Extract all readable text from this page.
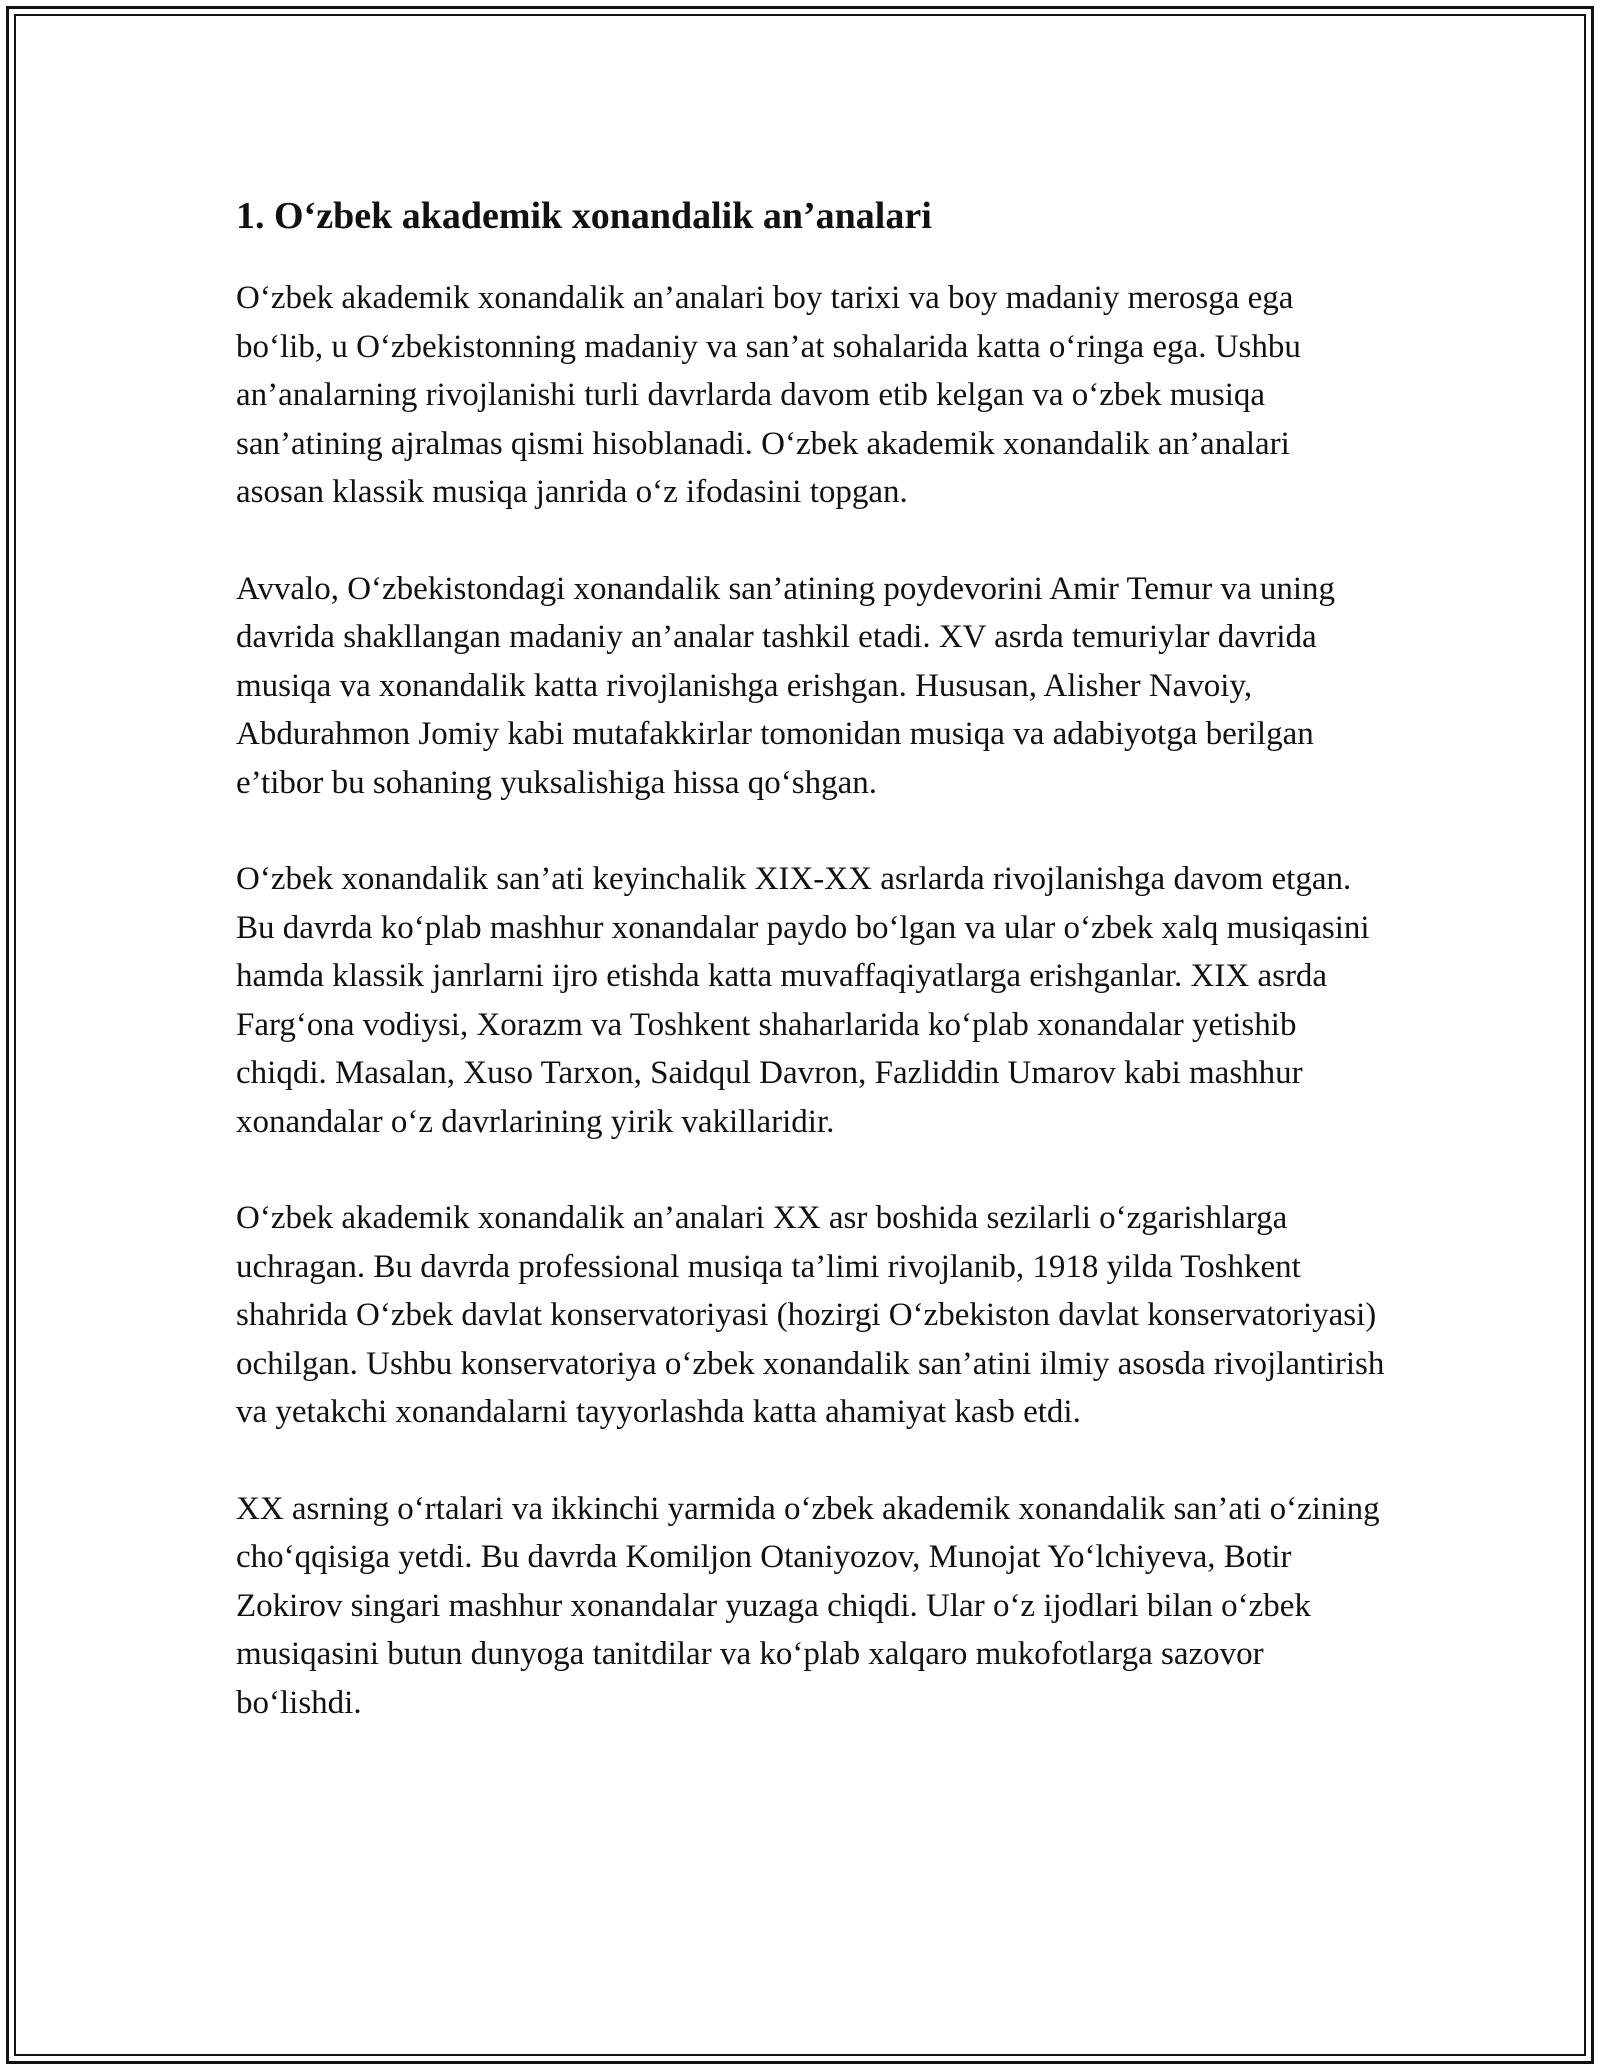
1. O‘zbek akademik xonandalik an’analari

O‘zbek akademik xonandalik an’analari boy tarixi va boy madaniy merosga ega bo‘lib, u O‘zbekistonning madaniy va san’at sohalarida katta o‘ringa ega. Ushbu an’analarning rivojlanishi turli davrlarda davom etib kelgan va o‘zbek musiqa san’atining ajralmas qismi hisoblanadi. O‘zbek akademik xonandalik an’analari asosan klassik musiqa janrida o‘z ifodasini topgan.

Avvalo, O‘zbekistondagi xonandalik san’atining poydevorini Amir Temur va uning davrida shakllangan madaniy an’analar tashkil etadi. XV asrda temuriylar davrida musiqa va xonandalik katta rivojlanishga erishgan. Hususan, Alisher Navoiy, Abdurahmon Jomiy kabi mutafakkirlar tomonidan musiqa va adabiyotga berilgan e’tibor bu sohaning yuksalishiga hissa qo‘shgan.

O‘zbek xonandalik san’ati keyinchalik XIX-XX asrlarda rivojlanishga davom etgan. Bu davrda ko‘plab mashhur xonandalar paydo bo‘lgan va ular o‘zbek xalq musiqasini hamda klassik janrlarni ijro etishda katta muvaffaqiyatlarga erishganlar. XIX asrda Farg‘ona vodiysi, Xorazm va Toshkent shaharlarida ko‘plab xonandalar yetishib chiqdi. Masalan, Xuso Tarxon, Saidqul Davron, Fazliddin Umarov kabi mashhur xonandalar o‘z davrlarining yirik vakillaridir.

O‘zbek akademik xonandalik an’analari XX asr boshida sezilarli o‘zgarishlarga uchragan. Bu davrda professional musiqa ta’limi rivojlanib, 1918 yilda Toshkent shahrida O‘zbek davlat konservatoriyasi (hozirgi O‘zbekiston davlat konservatoriyasi) ochilgan. Ushbu konservatoriya o‘zbek xonandalik san’atini ilmiy asosda rivojlantirish va yetakchi xonandalarni tayyorlashda katta ahamiyat kasb etdi.

XX asrning o‘rtalari va ikkinchi yarmida o‘zbek akademik xonandalik san’ati o‘zining cho‘qqisiga yetdi. Bu davrda Komiljon Otaniyozov, Munojat Yo‘lchiyeva, Botir Zokirov singari mashhur xonandalar yuzaga chiqdi. Ular o‘z ijodlari bilan o‘zbek musiqasini butun dunyoga tanitdilar va ko‘plab xalqaro mukofotlarga sazovor bo‘lishdi.
